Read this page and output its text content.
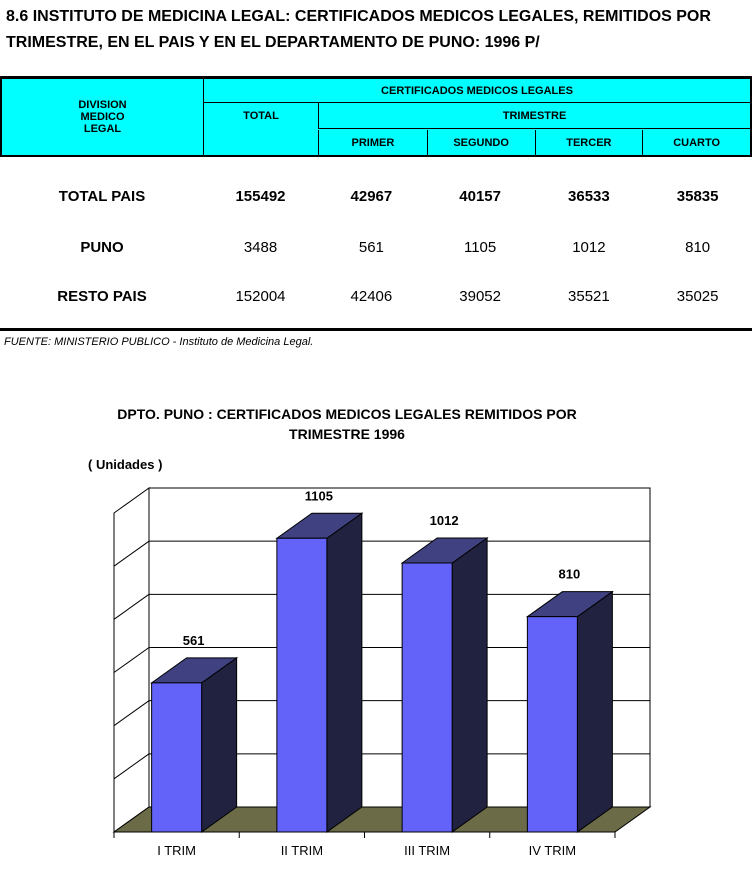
8.6 INSTITUTO DE MEDICINA LEGAL: CERTIFICADOS MEDICOS LEGALES, REMITIDOS POR
TRIMESTRE, EN EL PAIS Y EN EL DEPARTAMENTO DE PUNO: 1996 P/
DIVISION
MEDICO
LEGAL
CERTIFICADOS MEDICOS LEGALES
TOTAL	TRIMESTRE
PRIMER	SEGUNDO	TERCER	CUARTO
TOTAL PAIS	155492	42967	40157	36533	35835
PUNO	3488	561	1105	1012	810
RESTO PAIS	152004	42406	39052	35521	35025
FUENTE: MINISTERIO PUBLICO - Instituto de Medicina Legal.
DPTO. PUNO : CERTIFICADOS MEDICOS LEGALES REMITIDOS POR
TRIMESTRE 1996
( Unidades )
561
I TRIM
1105
II TRIM
1012
III TRIM
810
IV TRIM
